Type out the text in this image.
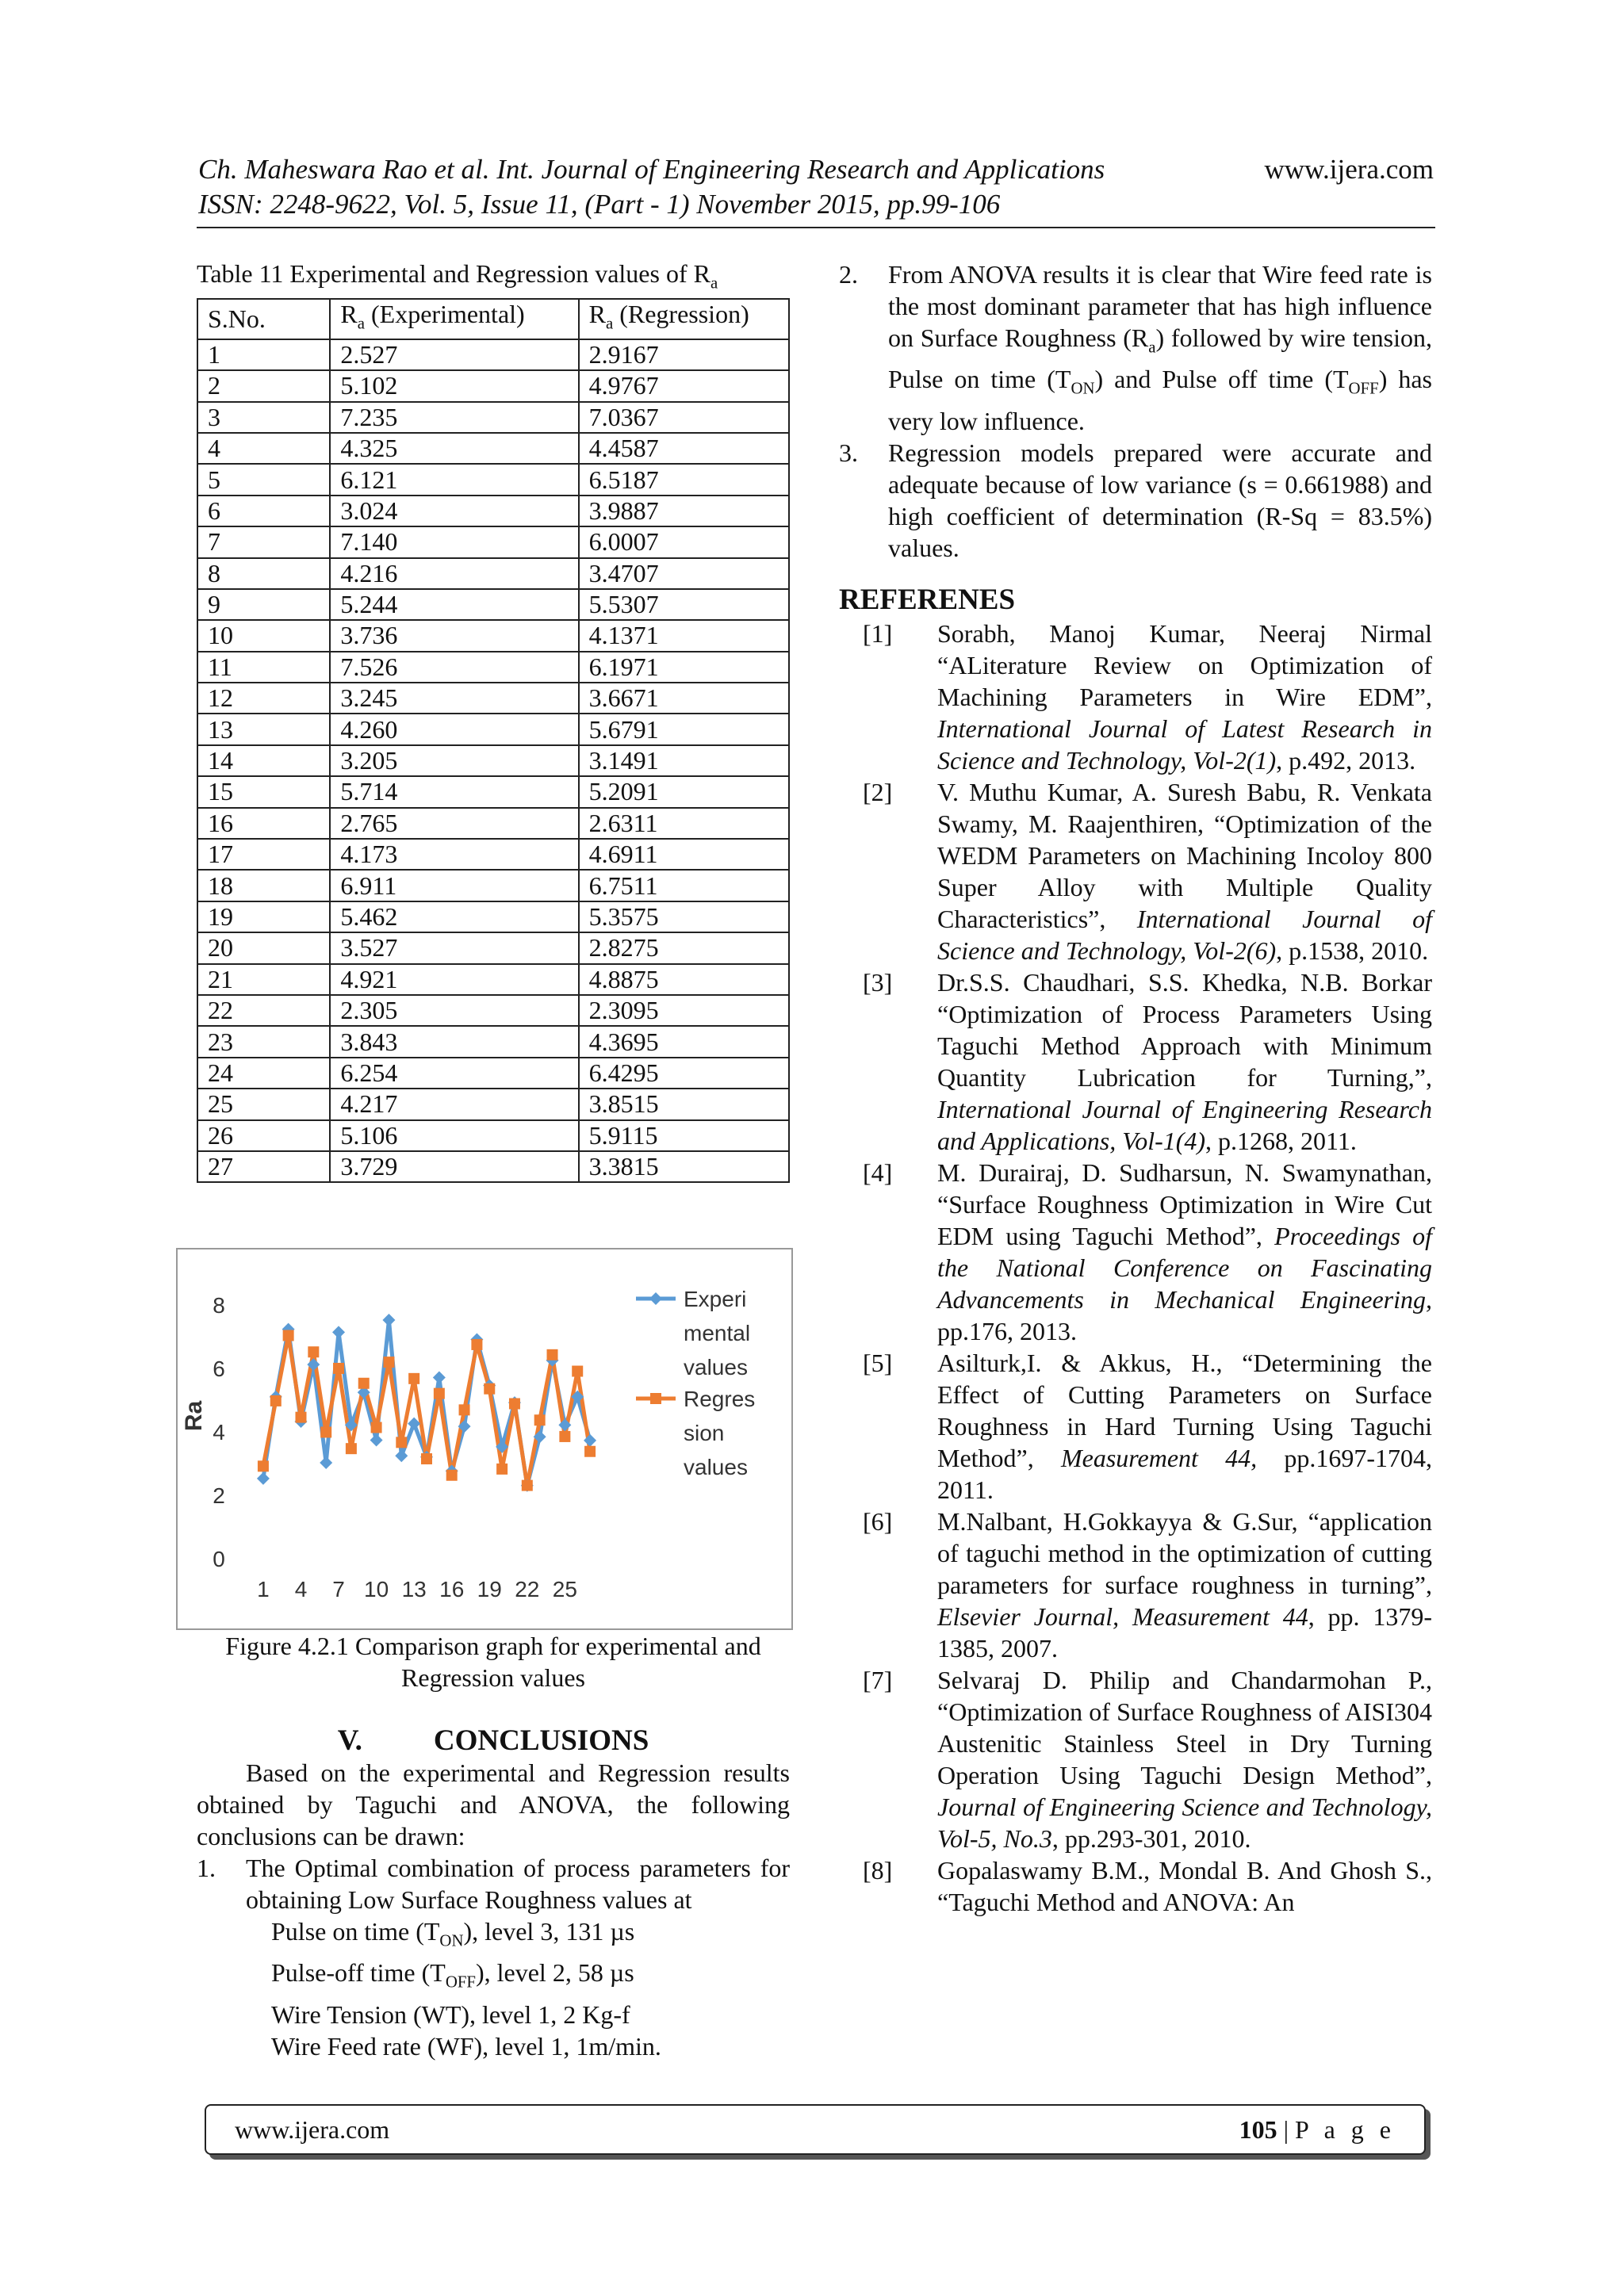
Ch. Maheswara Rao et al. Int. Journal of Engineering Research and Applications	www.ijera.com
ISSN: 2248-9622, Vol. 5, Issue 11, (Part - 1) November 2015, pp.99-106
Table 11 Experimental and Regression values of $R_a$
S.No.	$R_a$ (Experimental)	$R_a$ (Regression)
1	2.527	2.9167
2	5.102	4.9767
3	7.235	7.0367
4	4.325	4.4587
5	6.121	6.5187
6	3.024	3.9887
7	7.140	6.0007
8	4.216	3.4707
9	5.244	5.5307
10	3.736	4.1371
11	7.526	6.1971
12	3.245	3.6671
13	4.260	5.6791
14	3.205	3.1491
15	5.714	5.2091
16	2.765	2.6311
17	4.173	4.6911
18	6.911	6.7511
19	5.462	5.3575
20	3.527	2.8275
21	4.921	4.8875
22	2.305	2.3095
23	3.843	4.3695
24	6.254	6.4295
25	4.217	3.8515
26	5.106	5.9115
27	3.729	3.3815
0
2
4
6
8
1 4 7 10 13 16 19 22 25
Ra
Experi
mental
values
Regres
sion
values
Figure 4.2.1 Comparison graph for experimental and
Regression values
V. CONCLUSIONS

Based on the experimental and Regression results obtained by Taguchi and ANOVA, the following conclusions can be drawn:

1.	The Optimal combination of process parameters for obtaining Low Surface Roughness values at
Pulse on time $(T_{ON})$, level 3, 131 µs
Pulse-off time $(T_{OFF})$, level 2, 58 µs
Wire Tension (WT), level 1, 2 Kg-f
Wire Feed rate (WF), level 1, 1m/min.
2.	From ANOVA results it is clear that Wire feed rate is the most dominant parameter that has high influence on Surface Roughness $(R_a)$ followed by wire tension, Pulse on time $(T_{ON})$ and Pulse off time $(T_{OFF})$ has very low influence.
3.	Regression models prepared were accurate and adequate because of low variance (s = 0.661988) and high coefficient of determination (R-Sq = 83.5%) values.
REFERENES
[1]	Sorabh, Manoj Kumar, Neeraj Nirmal “ALiterature Review on Optimization of Machining Parameters in Wire EDM”, International Journal of Latest Research in Science and Technology, Vol-2(1), p.492, 2013.
[2]	V. Muthu Kumar, A. Suresh Babu, R. Venkata Swamy, M. Raajenthiren, “Optimization of the WEDM Parameters on Machining Incoloy 800 Super Alloy with Multiple Quality Characteristics”, International Journal of Science and Technology, Vol-2(6), p.1538, 2010.
[3]	Dr.S.S. Chaudhari, S.S. Khedka, N.B. Borkar “Optimization of Process Parameters Using Taguchi Method Approach with Minimum Quantity Lubrication for Turning,”, International Journal of Engineering Research and Applications, Vol-1(4), p.1268, 2011.
[4]	M. Durairaj, D. Sudharsun, N. Swamynathan, “Surface Roughness Optimization in Wire Cut EDM using Taguchi Method”, Proceedings of the National Conference on Fascinating Advancements in Mechanical Engineering, pp.176, 2013.
[5]	Asilturk,I. & Akkus, H., “Determining the Effect of Cutting Parameters on Surface Roughness in Hard Turning Using Taguchi Method”, Measurement 44, pp.1697-1704, 2011.
[6]	M.Nalbant, H.Gokkayya & G.Sur, “application of taguchi method in the optimization of cutting parameters for surface roughness in turning”, Elsevier Journal, Measurement 44, pp. 1379-1385, 2007.
[7]	Selvaraj D. Philip and Chandarmohan P., “Optimization of Surface Roughness of AISI304 Austenitic Stainless Steel in Dry Turning Operation Using Taguchi Design Method”, Journal of Engineering Science and Technology, Vol-5, No.3, pp.293-301, 2010.
[8]	Gopalaswamy B.M., Mondal B. And Ghosh S., “Taguchi Method and ANOVA: An
www.ijera.com	105 | P a g e
